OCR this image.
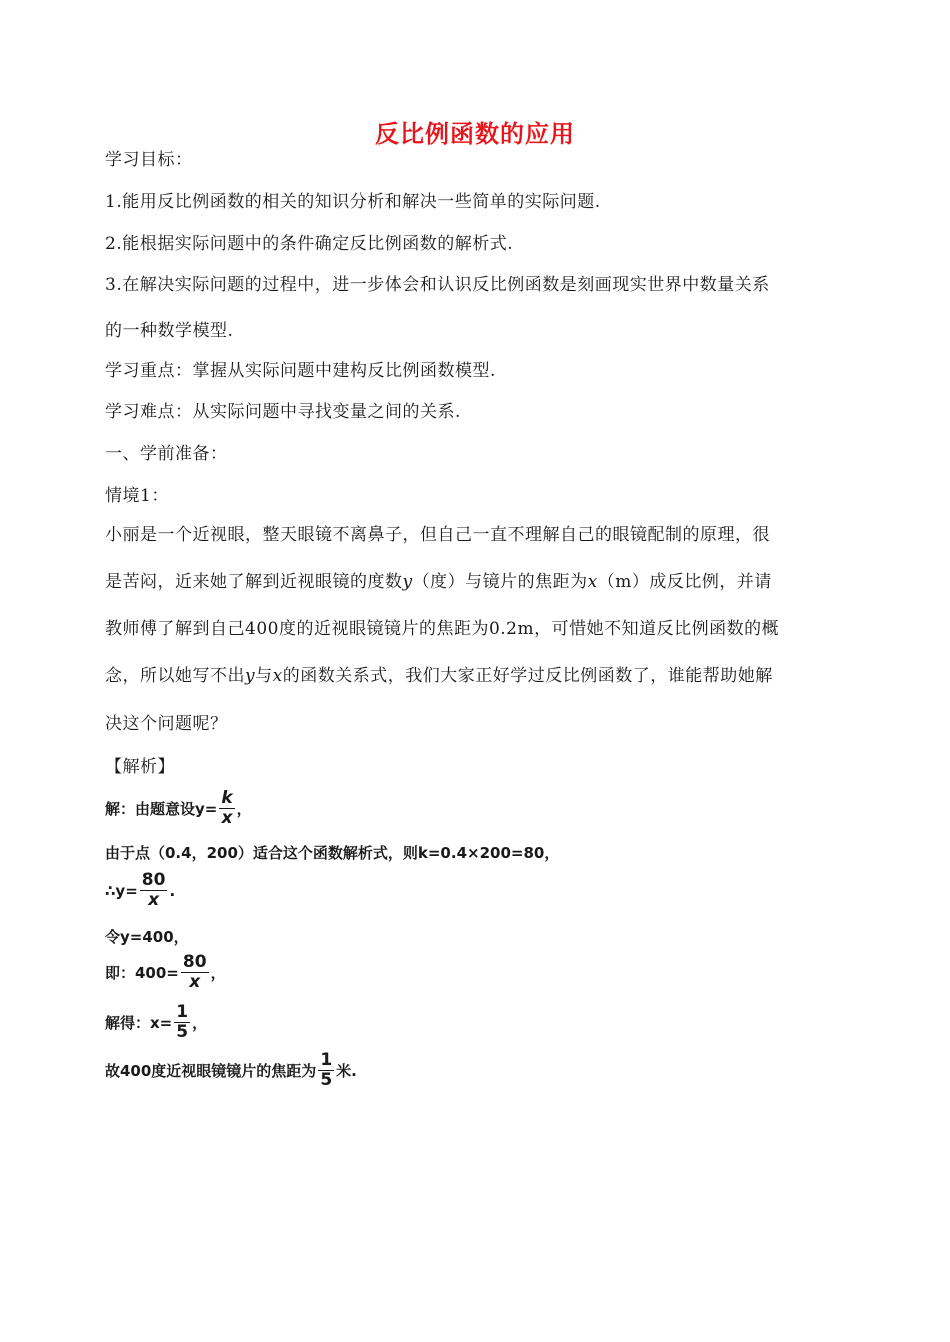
反比例函数的应用
学习目标：
1.能用反比例函数的相关的知识分析和解决一些简单的实际问题.
2.能根据实际问题中的条件确定反比例函数的解析式.
3.在解决实际问题的过程中，进一步体会和认识反比例函数是刻画现实世界中数量关系
的一种数学模型.
学习重点：掌握从实际问题中建构反比例函数模型.
学习难点：从实际问题中寻找变量之间的关系.
一、学前准备：
情境1：
小丽是一个近视眼，整天眼镜不离鼻子，但自己一直不理解自己的眼镜配制的原理，很
是苦闷，近来她了解到近视眼镜的度数y（度）与镜片的焦距为x（m）成反比例，并请
教师傅了解到自己400度的近视眼镜镜片的焦距为0.2m，可惜她不知道反比例函数的概
念，所以她写不出y与x的函数关系式，我们大家正好学过反比例函数了，谁能帮助她解
决这个问题呢？
【解析】
解：由题意设$y= \frac{k}{x}$ ，
由于点（0.4，200）适合这个函数解析式，则k=0.4×200=80，
∴y= $\frac{80}{x}$ .
令y=400，
即：$400= \frac{80}{x}$ ，
解得：$x= \frac{1}{5}$ ，
故400度近视眼镜镜片的焦距为 $\frac{1}{5}$ 米.
